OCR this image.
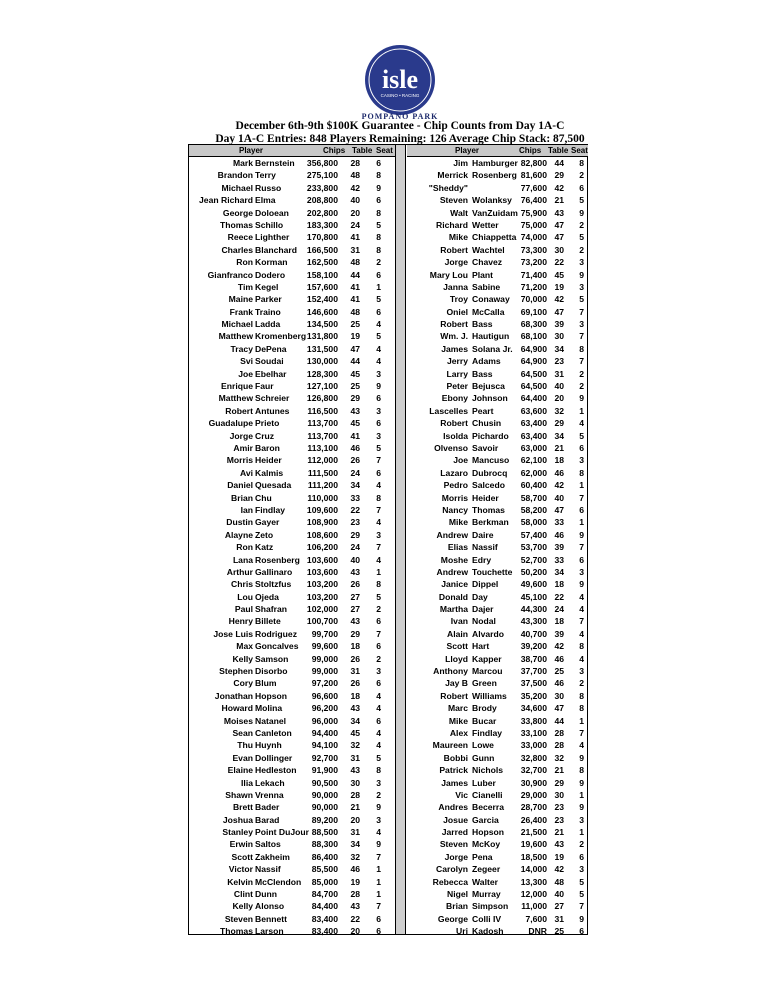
isle
CASINO • RACING
POMPANO PARK
December 6th-9th $100K Guarantee - Chip Counts from Day 1A-C
Day 1A-C Entries: 848 Players Remaining: 126 Average Chip Stack: 87,500
Player	Chips Table Seat	Player	Chips Table Seat
Mark Bernstein 356,800 28 6
Brandon Terry	275,100 48 8
Michael Russo	233,800 42 9
Jean Richard Elma	208,800 40 6
George Doloean 202,800 20 8
Thomas Schillo	183,300 24 5
Reece Lighther 170,800 41 8
Charles Blanchard 166,500 31 8
Ron Korman 162,500 48 2
Gianfranco Dodero	158,100 44 6
Tim Kegel	157,600 41 1
Maine Parker	152,400 41 5
Frank Traino	146,600 48 6
Michael Ladda	134,500 25 4
Matthew Kromenberg 131,800 19 5
Tracy DePena 131,500 47 4
Svi Soudai	130,000 44 4
Joe Ebelhar 128,300 45 3
Enrique Faur	127,100 25 9
Matthew Schreier 126,800 29 6
Robert Antunes 116,500 43 3
Guadalupe Prieto	113,700 45 6
Jorge Cruz	113,700 41 3
Amir Baron	113,100 46 5
Morris Heider	112,000 26 7
Avi Kalmis	111,500 24 6
Daniel Quesada 111,200 34 4
Brian Chu	110,000 33 8
Ian Findlay	109,600 22 7
Dustin Gayer	108,900 23 4
Alayne Zeto	108,600 29 3
Ron Katz	106,200 24 7
Lana Rosenberg 103,600 40 4
Arthur Gallinaro 103,600 43 1
Chris Stoltzfus 103,200 26 8
Lou Ojeda	103,200 27 5
Paul Shafran 102,000 27 2
Henry Billete	100,700 43 6
Jose Luis Rodriguez 99,700 29 7
Max Goncalves 99,600 18 6
Kelly Samson	99,000 26 2
Stephen Disorbo	99,000 31 3
Cory Blum	97,200 26 6
Jonathan Hopson	96,600 18 4
Howard Molina	96,200 43 4
Moises Natanel	96,000 34 6
Sean Canleton 94,400 45 4
Thu Huynh	94,100 32 4
Evan Dollinger 92,700 31 5
Elaine Hedleston 91,900 43 8
Ilia Lekach	90,500 30 3
Shawn Vrenna	90,000 28 2
Brett Bader	90,000 21 9
Joshua Barad	89,200 20 3
Stanley Point DuJour 88,500 31 4
Erwin Saltos	88,300 34 9
Scott Zakheim	86,400 32 7
Victor Nassif	85,500 46 1
Kelvin McClendon 85,000 19 1
Clint Dunn	84,700 28 1
Kelly Alonso	84,400 43 7
Steven Bennett	83,400 22 6
Thomas Larson	83,400 20 6
Jim Hamburger 82,800 44 8
Merrick Rosenberg 81,600 29 2
"Sheddy"	77,600 42 6
Steven Wolanksy 76,400 21 5
Walt VanZuidam 75,900 43 9
Richard Wetter	75,000 47 2
Mike Chiappetta 74,000 47 5
Robert Wachtel 73,300 30 2
Jorge Chavez 73,200 22 3
Mary Lou Plant	71,400 45 9
Janna Sabine 71,200 19 3
Troy Conaway 70,000 42 5
Oniel McCalla 69,100 47 7
Robert Bass	68,300 39 3
Wm. J. Hautigun 68,100 30 7
James Solana Jr. 64,900 34 8
Jerry Adams 64,900 23 7
Larry Bass	64,500 31 2
Peter Bejusca 64,500 40 2
Ebony Johnson 64,400 20 9
Lascelles Peart	63,600 32 1
Robert Chusin 63,400 29 4
Isolda Pichardo 63,400 34 5
Olvenso Savoir	63,000 21 6
Joe Mancuso 62,100 18 3
Lazaro Dubrocq 62,000 46 8
Pedro Salcedo 60,400 42 1
Morris Heider	58,700 40 7
Nancy Thomas 58,200 47 6
Mike Berkman 58,000 33 1
Andrew Daire	57,400 46 9
Elias Nassif	53,700 39 7
Moshe Edry	52,700 33 6
Andrew Touchette 50,200 34 3
Janice Dippel	49,600 18 9
Donald Day	45,100 22 4
Martha Dajer	44,300 24 4
Ivan Nodal	43,300 18 7
Alain Alvardo 40,700 39 4
Scott Hart	39,200 42 8
Lloyd Kapper 38,700 46 4
Anthony Marcou 37,700 25 3
Jay B Green	37,500 46 2
Robert Williams 35,200 30 8
Marc Brody	34,600 47 8
Mike Bucar	33,800 44 1
Alex Findlay 33,100 28 7
Maureen Lowe	33,000 28 4
Bobbi Gunn	32,800 32 9
Patrick Nichols 32,700 21 8
James Luber	30,900 29 9
Vic Cianelli 29,000 30 1
Andres Becerra 28,700 23 9
Josue Garcia	26,400 23 3
Jarred Hopson 21,500 21 1
Steven McKoy 19,600 43 2
Jorge Pena	18,500 19 6
Carolyn Zegeer 14,000 42 3
Rebecca Walter	13,300 48 5
Nigel Murray 12,000 40 5
Brian Simpson 11,000 27 7
George Colli IV	7,600 31 9
Uri Kadosh	DNR 25 6
